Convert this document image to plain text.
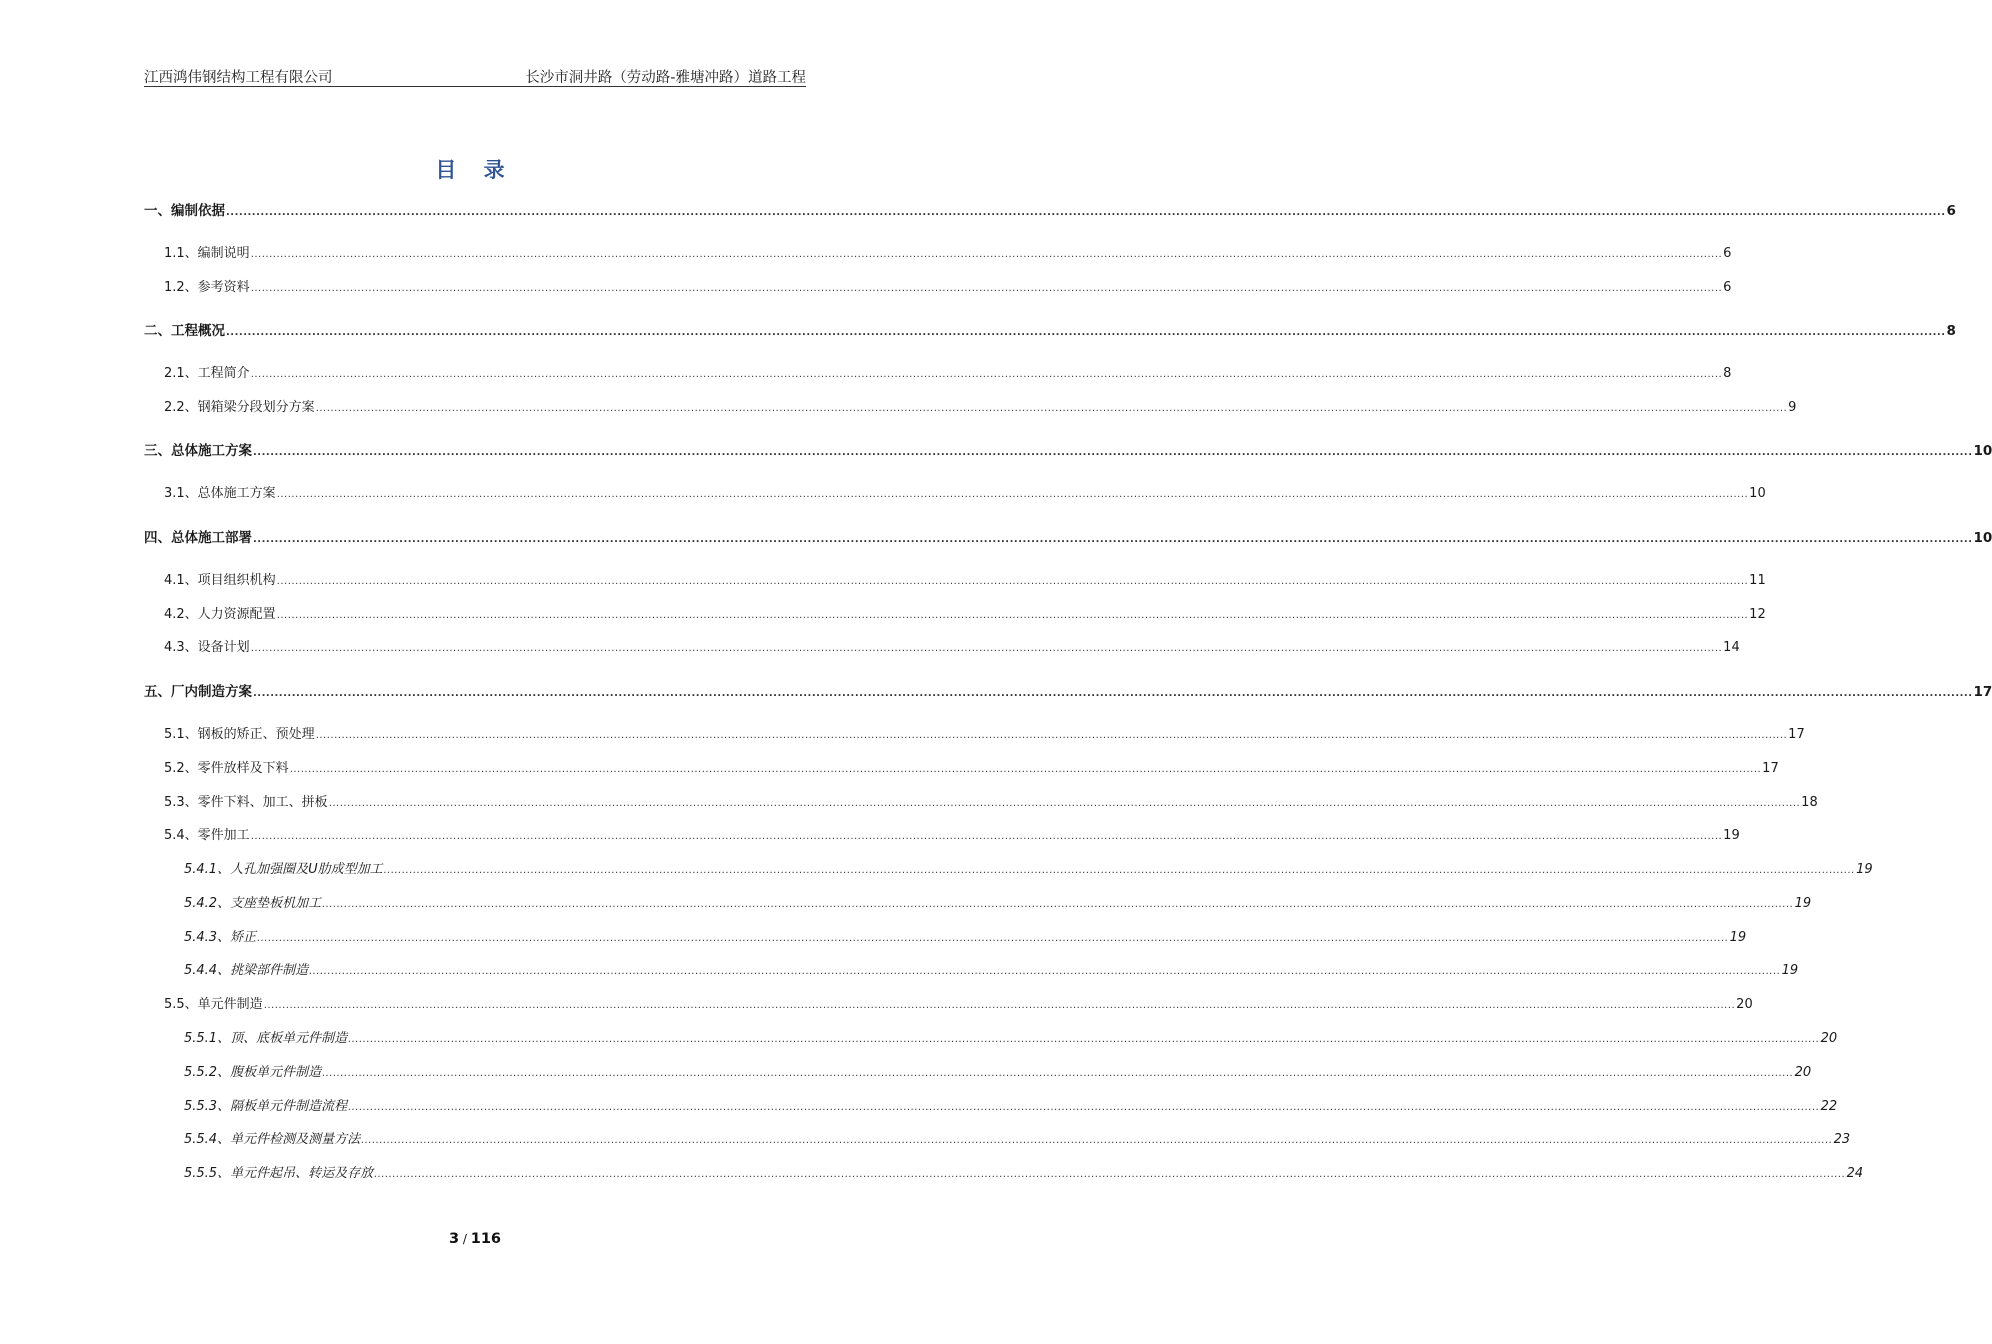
江西鸿伟钢结构工程有限公司	长沙市洞井路（劳动路-雅塘冲路）道路工程
目 录
一、编制依据 ................................................................................................................................................................................................................................................................................................................................................................................................................ 6
1.1、编制说明 ................................................................................................................................................................................................................................................................................................................................................................................................................ 6
1.2、参考资料 ................................................................................................................................................................................................................................................................................................................................................................................................................ 6
二、工程概况 ................................................................................................................................................................................................................................................................................................................................................................................................................ 8
2.1、工程简介 ................................................................................................................................................................................................................................................................................................................................................................................................................ 8
2.2、钢箱梁分段划分方案 ................................................................................................................................................................................................................................................................................................................................................................................................................ 9
三、总体施工方案 ................................................................................................................................................................................................................................................................................................................................................................................................................ 10
3.1、总体施工方案 ................................................................................................................................................................................................................................................................................................................................................................................................................ 10
四、总体施工部署 ................................................................................................................................................................................................................................................................................................................................................................................................................ 10
4.1、项目组织机构 ................................................................................................................................................................................................................................................................................................................................................................................................................ 11
4.2、人力资源配置 ................................................................................................................................................................................................................................................................................................................................................................................................................ 12
4.3、设备计划 ................................................................................................................................................................................................................................................................................................................................................................................................................ 14
五、厂内制造方案 ................................................................................................................................................................................................................................................................................................................................................................................................................ 17
5.1、钢板的矫正、预处理 ................................................................................................................................................................................................................................................................................................................................................................................................................ 17
5.2、零件放样及下料 ................................................................................................................................................................................................................................................................................................................................................................................................................ 17
5.3、零件下料、加工、拼板 ................................................................................................................................................................................................................................................................................................................................................................................................................ 18
5.4、零件加工 ................................................................................................................................................................................................................................................................................................................................................................................................................ 19
5.4.1、人孔加强圈及U肋成型加工 ................................................................................................................................................................................................................................................................................................................................................................................................................ 19
5.4.2、支座垫板机加工 ................................................................................................................................................................................................................................................................................................................................................................................................................ 19
5.4.3、矫正 ................................................................................................................................................................................................................................................................................................................................................................................................................ 19
5.4.4、挑梁部件制造 ................................................................................................................................................................................................................................................................................................................................................................................................................ 19
5.5、单元件制造 ................................................................................................................................................................................................................................................................................................................................................................................................................ 20
5.5.1、顶、底板单元件制造 ................................................................................................................................................................................................................................................................................................................................................................................................................ 20
5.5.2、腹板单元件制造 ................................................................................................................................................................................................................................................................................................................................................................................................................ 20
5.5.3、隔板单元件制造流程 ................................................................................................................................................................................................................................................................................................................................................................................................................ 22
5.5.4、单元件检测及测量方法 ................................................................................................................................................................................................................................................................................................................................................................................................................ 23
5.5.5、单元件起吊、转运及存放 ................................................................................................................................................................................................................................................................................................................................................................................................................ 24
3 / 116
